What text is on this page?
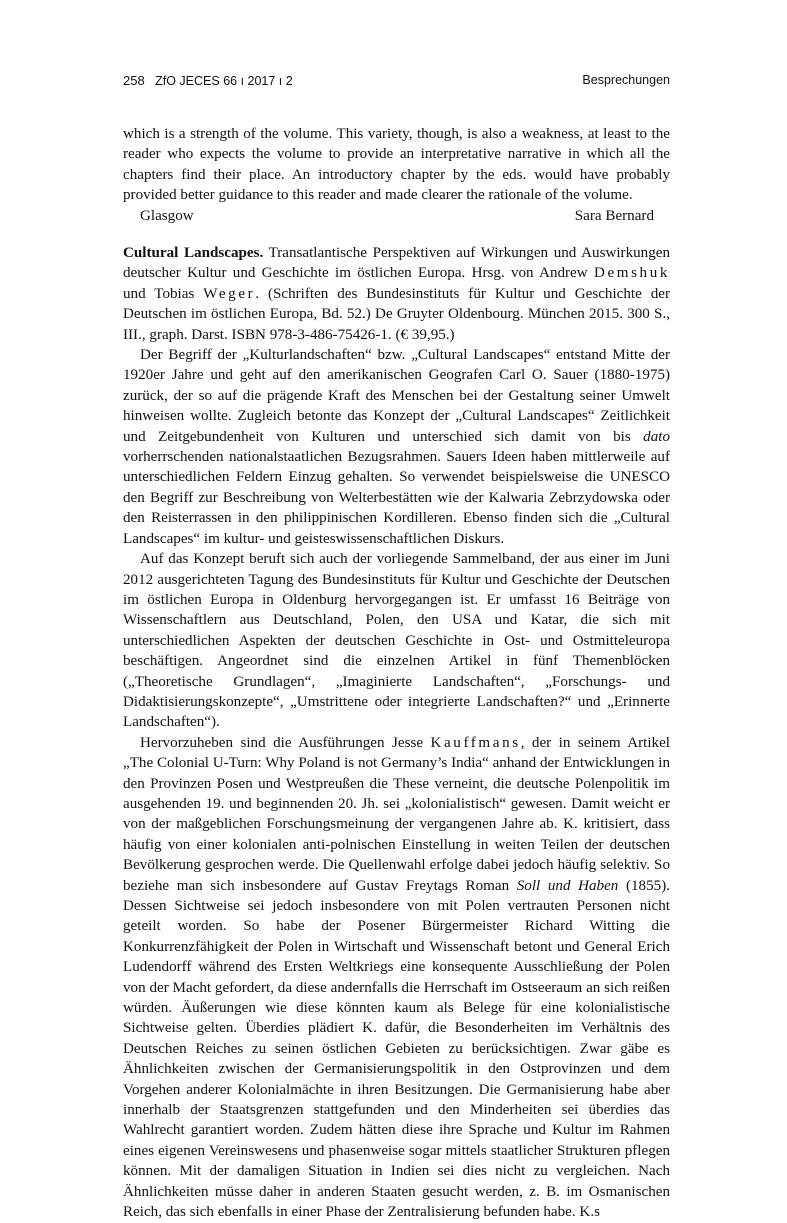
258 ZfO JECES 66 ı 2017 ı 2	Besprechungen

which is a strength of the volume. This variety, though, is also a weakness, at least to the reader who expects the volume to provide an interpretative narrative in which all the chapters find their place. An introductory chapter by the eds. would have probably provided better guidance to this reader and made clearer the rationale of the volume.

Glasgow	Sara Bernard

Cultural Landscapes. Transatlantische Perspektiven auf Wirkungen und Auswirkungen deutscher Kultur und Geschichte im östlichen Europa. Hrsg. von Andrew Demshuk und Tobias Weger. (Schriften des Bundesinstituts für Kultur und Geschichte der Deutschen im östlichen Europa, Bd. 52.) De Gruyter Oldenbourg. München 2015. 300 S., III., graph. Darst. ISBN 978-3-486-75426-1. (€ 39,95.)

Der Begriff der „Kulturlandschaften“ bzw. „Cultural Landscapes“ entstand Mitte der 1920er Jahre und geht auf den amerikanischen Geografen Carl O. Sauer (1880-1975) zurück, der so auf die prägende Kraft des Menschen bei der Gestaltung seiner Umwelt hinweisen wollte. Zugleich betonte das Konzept der „Cultural Landscapes“ Zeitlichkeit und Zeitgebundenheit von Kulturen und unterschied sich damit von bis dato vorherrschenden nationalstaatlichen Bezugsrahmen. Sauers Ideen haben mittlerweile auf unterschiedlichen Feldern Einzug gehalten. So verwendet beispielsweise die UNESCO den Begriff zur Beschreibung von Welterbestätten wie der Kalwaria Zebrzydowska oder den Reisterrassen in den philippinischen Kordilleren. Ebenso finden sich die „Cultural Landscapes“ im kultur- und geisteswissenschaftlichen Diskurs.

Auf das Konzept beruft sich auch der vorliegende Sammelband, der aus einer im Juni 2012 ausgerichteten Tagung des Bundesinstituts für Kultur und Geschichte der Deutschen im östlichen Europa in Oldenburg hervorgegangen ist. Er umfasst 16 Beiträge von Wissenschaftlern aus Deutschland, Polen, den USA und Katar, die sich mit unterschiedlichen Aspekten der deutschen Geschichte in Ost- und Ostmitteleuropa beschäftigen. Angeordnet sind die einzelnen Artikel in fünf Themenblöcken („Theoretische Grundlagen“, „Imaginierte Landschaften“, „Forschungs- und Didaktisierungskonzepte“, „Umstrittene oder integrierte Landschaften?“ und „Erinnerte Landschaften“).

Hervorzuheben sind die Ausführungen Jesse Kauffmans, der in seinem Artikel „The Colonial U-Turn: Why Poland is not Germany’s India“ anhand der Entwicklungen in den Provinzen Posen und Westpreußen die These verneint, die deutsche Polenpolitik im ausgehenden 19. und beginnenden 20. Jh. sei „kolonialistisch“ gewesen. Damit weicht er von der maßgeblichen Forschungsmeinung der vergangenen Jahre ab. K. kritisiert, dass häufig von einer kolonialen anti-polnischen Einstellung in weiten Teilen der deutschen Bevölkerung gesprochen werde. Die Quellenwahl erfolge dabei jedoch häufig selektiv. So beziehe man sich insbesondere auf Gustav Freytags Roman Soll und Haben (1855). Dessen Sichtweise sei jedoch insbesondere von mit Polen vertrauten Personen nicht geteilt worden. So habe der Posener Bürgermeister Richard Witting die Konkurrenzfähigkeit der Polen in Wirtschaft und Wissenschaft betont und General Erich Ludendorff während des Ersten Weltkriegs eine konsequente Ausschließung der Polen von der Macht gefordert, da diese andernfalls die Herrschaft im Ostseeraum an sich reißen würden. Äußerungen wie diese könnten kaum als Belege für eine kolonialistische Sichtweise gelten. Überdies plädiert K. dafür, die Besonderheiten im Verhältnis des Deutschen Reiches zu seinen östlichen Gebieten zu berücksichtigen. Zwar gäbe es Ähnlichkeiten zwischen der Germanisierungspolitik in den Ostprovinzen und dem Vorgehen anderer Kolonialmächte in ihren Besitzungen. Die Germanisierung habe aber innerhalb der Staatsgrenzen stattgefunden und den Minderheiten sei überdies das Wahlrecht garantiert worden. Zudem hätten diese ihre Sprache und Kultur im Rahmen eines eigenen Vereinswesens und phasenweise sogar mittels staatlicher Strukturen pflegen können. Mit der damaligen Situation in Indien sei dies nicht zu vergleichen. Nach Ähnlichkeiten müsse daher in anderen Staaten gesucht werden, z. B. im Osmanischen Reich, das sich ebenfalls in einer Phase der Zentralisierung befunden habe. K.s
